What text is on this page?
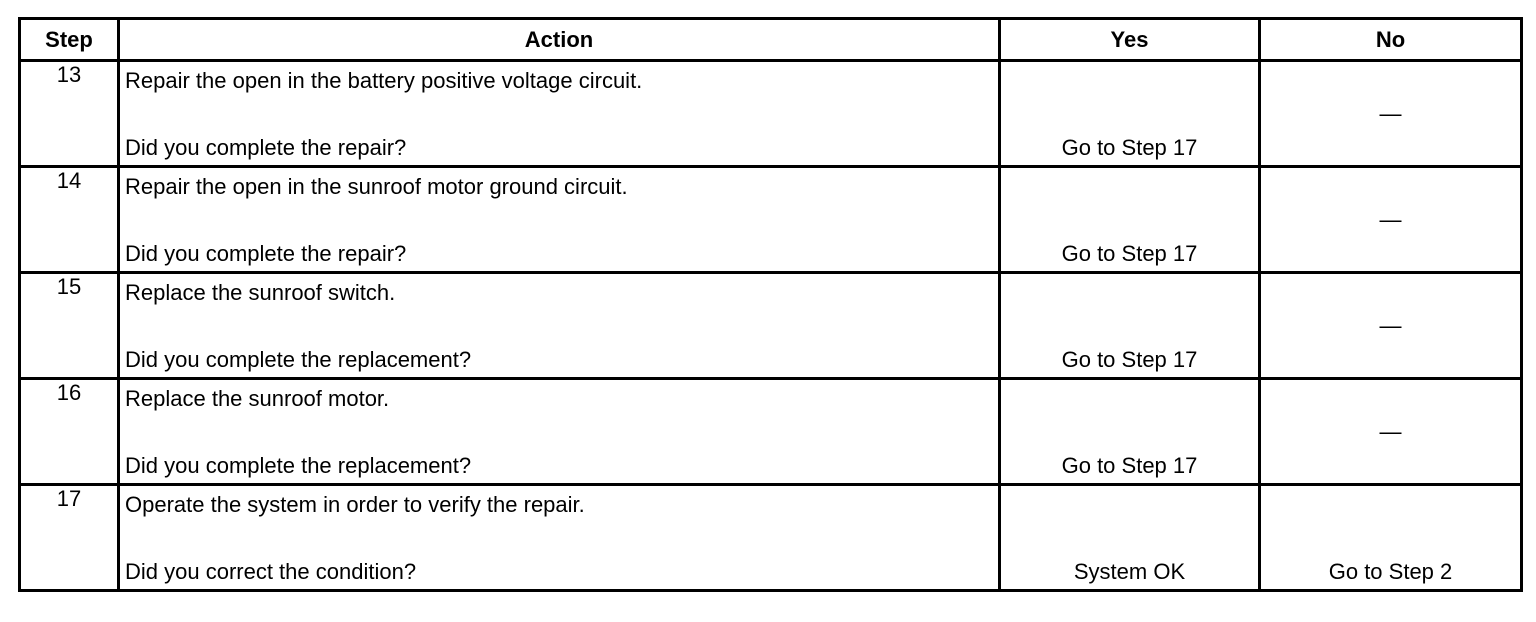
Step	Action	Yes	No
13	Repair the open in the battery positive voltage circuit.
Did you complete the repair?	Go to Step 17	—

14	Repair the open in the sunroof motor ground circuit.
Did you complete the repair?	Go to Step 17	—

15	Replace the sunroof switch.
Did you complete the replacement?	Go to Step 17	—

16	Replace the sunroof motor.
Did you complete the replacement?	Go to Step 17	—

17	Operate the system in order to verify the repair.
Did you correct the condition?	System OK	Go to Step 2
